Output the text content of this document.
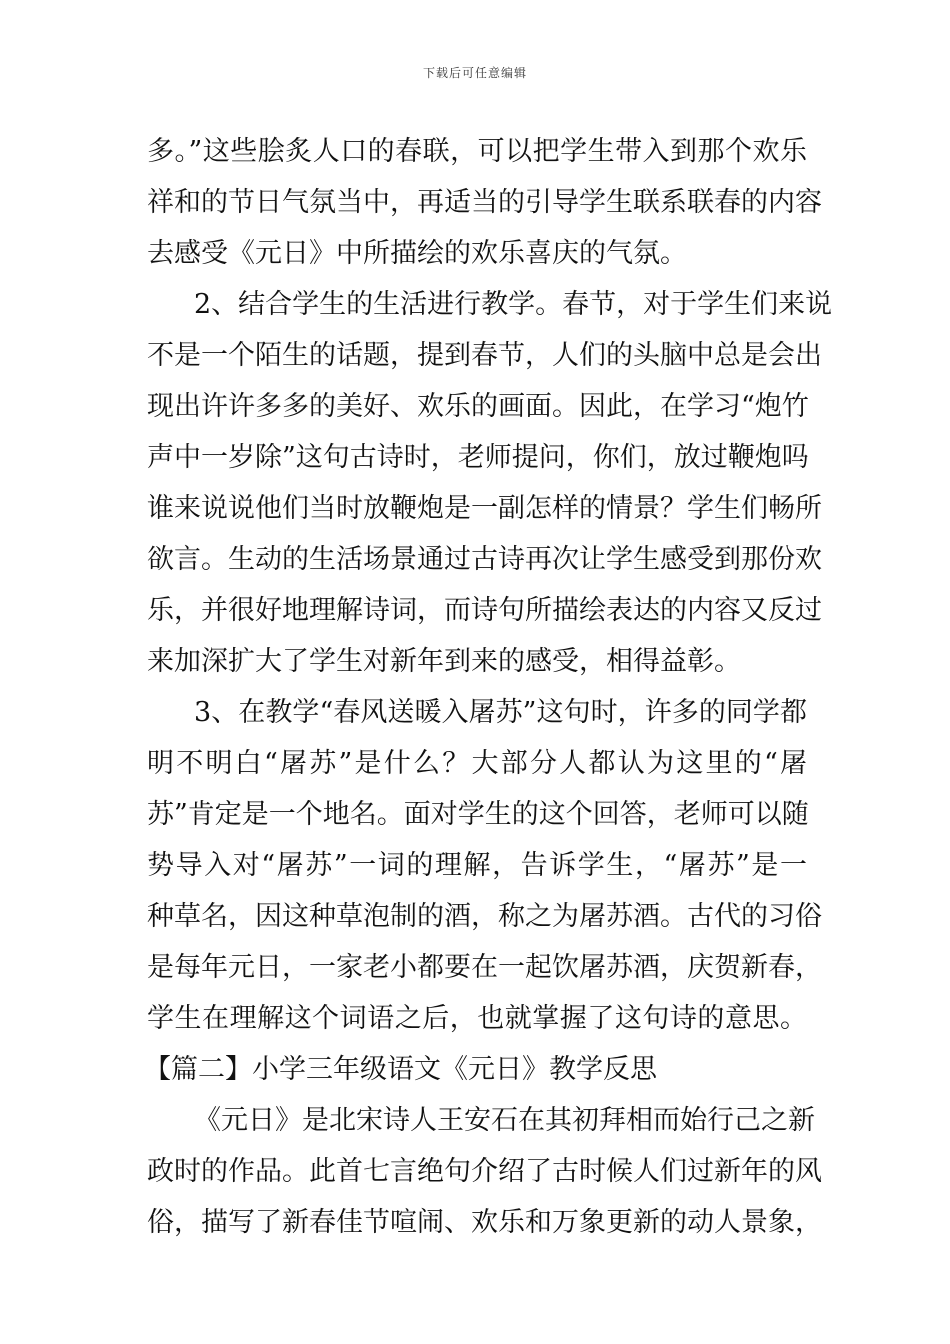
下载后可任意编辑
多。”这些脍炙人口的春联，可以把学生带入到那个欢乐
祥和的节日气氛当中，再适当的引导学生联系联春的内容
去感受《元日》中所描绘的欢乐喜庆的气氛。
2、结合学生的生活进行教学。春节，对于学生们来说
不是一个陌生的话题，提到春节，人们的头脑中总是会出
现出许许多多的美好、欢乐的画面。因此，在学习“炮竹
声中一岁除”这句古诗时，老师提问，你们，放过鞭炮吗
谁来说说他们当时放鞭炮是一副怎样的情景？学生们畅所
欲言。生动的生活场景通过古诗再次让学生感受到那份欢
乐，并很好地理解诗词，而诗句所描绘表达的内容又反过
来加深扩大了学生对新年到来的感受，相得益彰。
3、在教学“春风送暖入屠苏”这句时，许多的同学都
明不明白“屠苏”是什么？大部分人都认为这里的“屠
苏”肯定是一个地名。面对学生的这个回答，老师可以随
势导入对“屠苏”一词的理解，告诉学生，“屠苏”是一
种草名，因这种草泡制的酒，称之为屠苏酒。古代的习俗
是每年元日，一家老小都要在一起饮屠苏酒，庆贺新春，
学生在理解这个词语之后，也就掌握了这句诗的意思。
【篇二】小学三年级语文《元日》教学反思
《元日》是北宋诗人王安石在其初拜相而始行己之新
政时的作品。此首七言绝句介绍了古时候人们过新年的风
俗，描写了新春佳节喧闹、欢乐和万象更新的动人景象，
